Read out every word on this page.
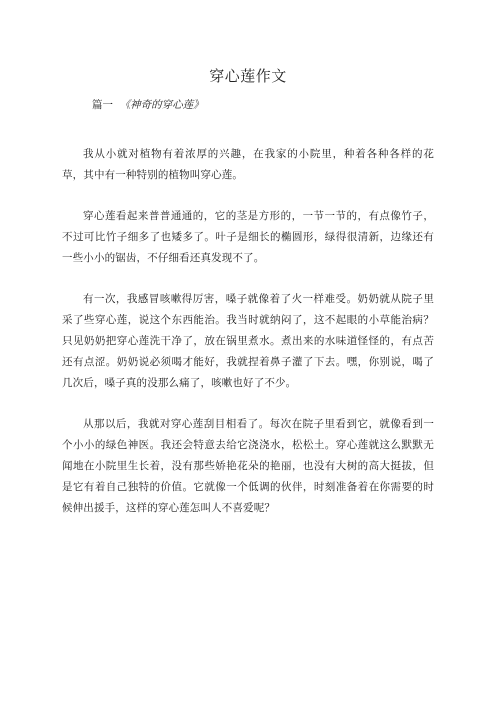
穿心莲作文
篇一 《神奇的穿心莲》

我从小就对植物有着浓厚的兴趣，在我家的小院里，种着各种各样的花草，其中有一种特别的植物叫穿心莲。

穿心莲看起来普普通通的，它的茎是方形的，一节一节的，有点像竹子，不过可比竹子细多了也矮多了。叶子是细长的椭圆形，绿得很清新，边缘还有一些小小的锯齿，不仔细看还真发现不了。

有一次，我感冒咳嗽得厉害，嗓子就像着了火一样难受。奶奶就从院子里采了些穿心莲，说这个东西能治。我当时就纳闷了，这不起眼的小草能治病？只见奶奶把穿心莲洗干净了，放在锅里煮水。煮出来的水味道怪怪的，有点苦还有点涩。奶奶说必须喝才能好，我就捏着鼻子灌了下去。嘿，你别说，喝了几次后，嗓子真的没那么痛了，咳嗽也好了不少。

从那以后，我就对穿心莲刮目相看了。每次在院子里看到它，就像看到一个小小的绿色神医。我还会特意去给它浇浇水，松松土。穿心莲就这么默默无闻地在小院里生长着，没有那些娇艳花朵的艳丽，也没有大树的高大挺拔，但是它有着自己独特的价值。它就像一个低调的伙伴，时刻准备着在你需要的时候伸出援手，这样的穿心莲怎叫人不喜爱呢？
